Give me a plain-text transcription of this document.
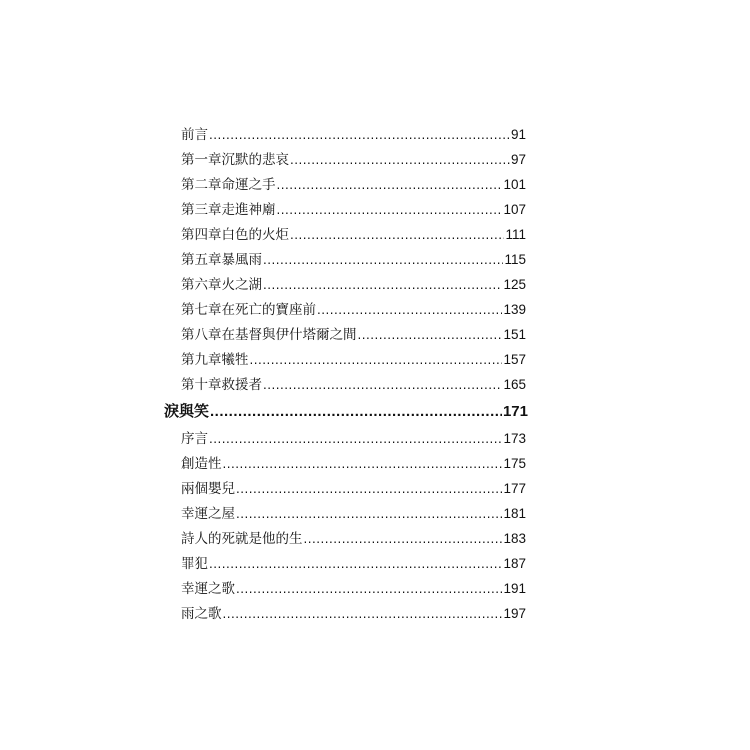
前言 .....	91
第一章 沉默的悲哀 .....	97
第二章 命運之手 .....	101
第三章 走進神廟 .....	107
第四章 白色的火炬 .....	111
第五章 暴風雨 .....	115
第六章 火之湖 .....	125
第七章 在死亡的寶座前 .....	139
第八章 在基督與伊什塔爾之間 .....	151
第九章 犧牲 .....	157
第十章 救援者 .....	165
淚與笑 .....	171
序言 .....	173
創造性 .....	175
兩個嬰兒 .....	177
幸運之屋 .....	181
詩人的死就是他的生 .....	183
罪犯 .....	187
幸運之歌 .....	191
雨之歌 .....	197
